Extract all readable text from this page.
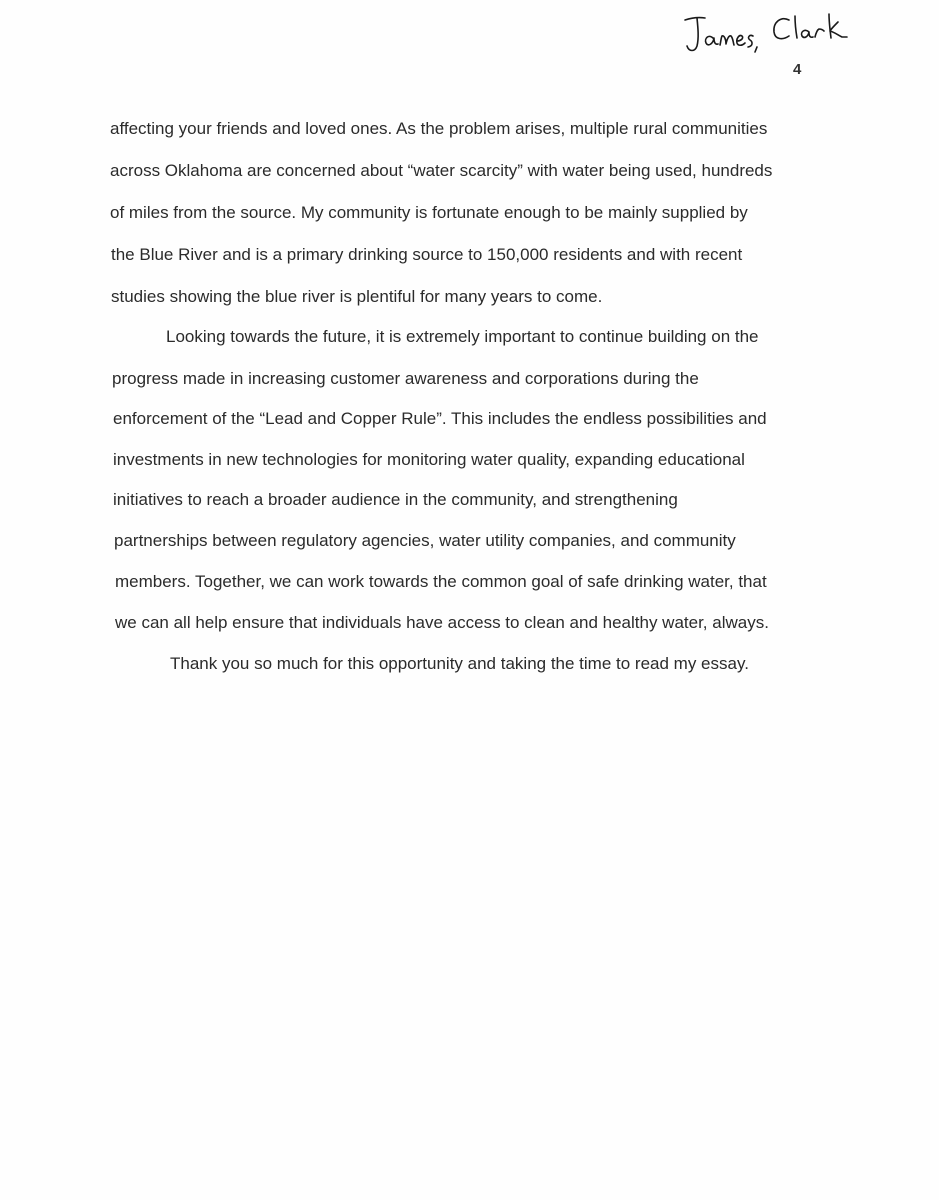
4
affecting your friends and loved ones. As the problem arises, multiple rural communities
across Oklahoma are concerned about “water scarcity” with water being used, hundreds
of miles from the source. My community is fortunate enough to be mainly supplied by
the Blue River and is a primary drinking source to 150,000 residents and with recent
studies showing the blue river is plentiful for many years to come.
Looking towards the future, it is extremely important to continue building on the
progress made in increasing customer awareness and corporations during the
enforcement of the “Lead and Copper Rule”. This includes the endless possibilities and
investments in new technologies for monitoring water quality, expanding educational
initiatives to reach a broader audience in the community, and strengthening
partnerships between regulatory agencies, water utility companies, and community
members. Together, we can work towards the common goal of safe drinking water, that
we can all help ensure that individuals have access to clean and healthy water, always.
Thank you so much for this opportunity and taking the time to read my essay.
